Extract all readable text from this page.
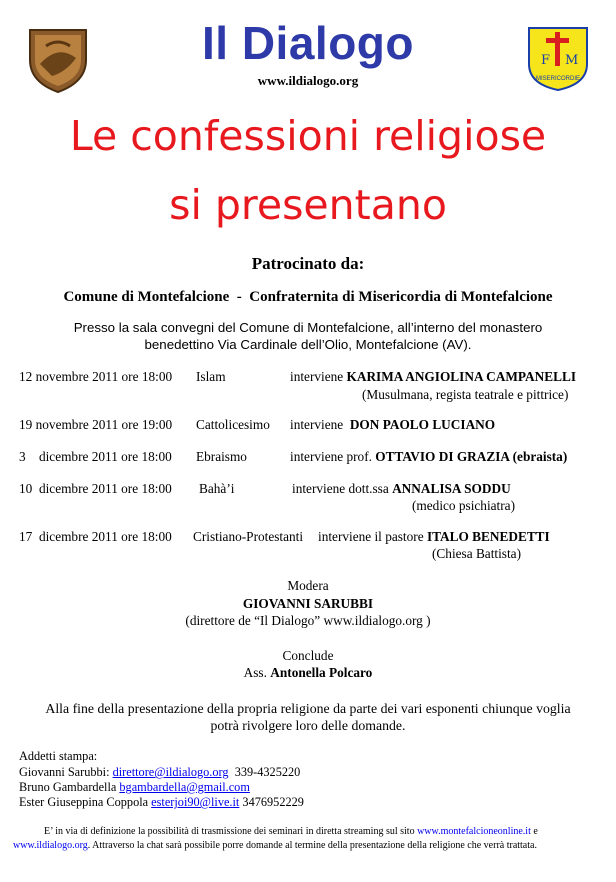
Il Dialogo
www.ildialogo.org
F M
MISERICORDIE
Le confessioni religiose
si presentano
Patrocinato da:
Comune di Montefalcione - Confraternita di Misericordia di Montefalcione
Presso la sala convegni del Comune di Montefalcione, all’interno del monastero
benedettino Via Cardinale dell’Olio, Montefalcione (AV).
12 novembre 2011 ore 18:00 Islam	interviene KARIMA ANGIOLINA CAMPANELLI
(Musulmana, regista teatrale e pittrice)
19 novembre 2011 ore 19:00 Cattolicesimo interviene DON PAOLO LUCIANO
3    dicembre 2011 ore 18:00 Ebraismo	interviene prof. OTTAVIO DI GRAZIA (ebraista)
10  dicembre 2011 ore 18:00 Bahà’i	interviene dott.ssa ANNALISA SODDU
(medico psichiatra)
17  dicembre 2011 ore 18:00 Cristiano-Protestanti interviene il pastore ITALO BENEDETTI
(Chiesa Battista)
Modera
GIOVANNI SARUBBI
(direttore de “Il Dialogo” www.ildialogo.org )
Conclude
Ass. Antonella Polcaro
Alla fine della presentazione della propria religione da parte dei vari esponenti chiunque voglia
potrà rivolgere loro delle domande.
Addetti stampa:
Giovanni Sarubbi: direttore@ildialogo.org 339-4325220
Bruno Gambardella bgambardella@gmail.com
Ester Giuseppina Coppola esterjoi90@live.it 3476952229
E’ in via di definizione la possibilità di trasmissione dei seminari in diretta streaming sul sito www.montefalcioneonline.it e
www.ildialogo.org. Attraverso la chat sarà possibile porre domande al termine della presentazione della religione che verrà trattata.
